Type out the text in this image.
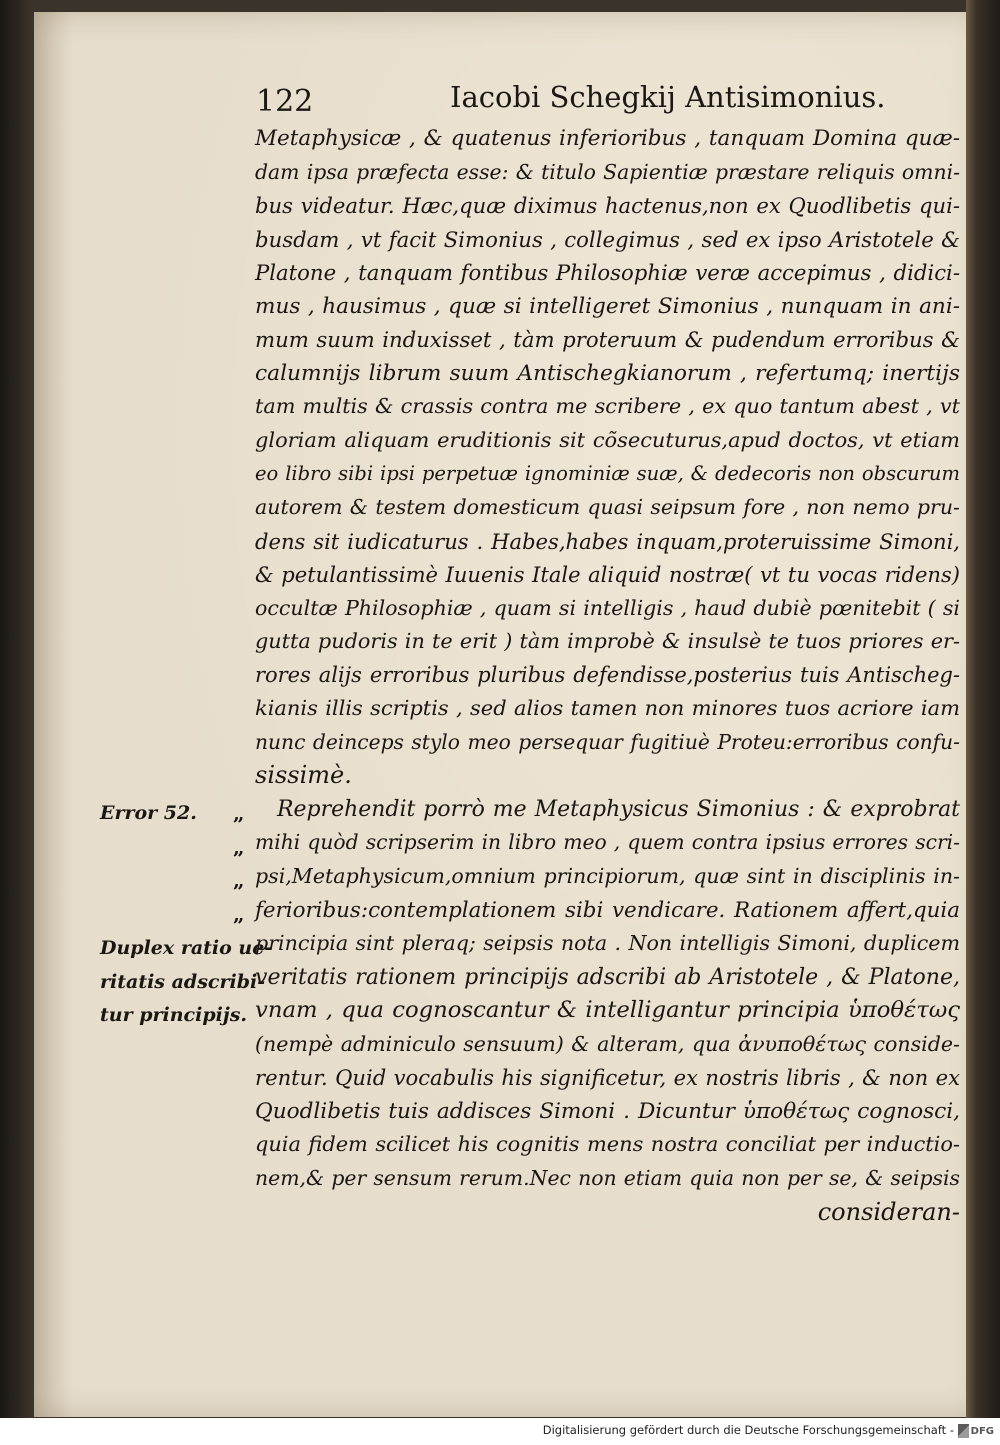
122	Iacobi Schegkij Antisimonius.
Metaphysicæ , & quatenus inferioribus , tanquam Domina quæ-
dam ipsa præfecta esse: & titulo Sapientiæ præstare reliquis omni-
bus videatur. Hæc,quæ diximus hactenus,non ex Quodlibetis qui-
busdam , vt facit Simonius , collegimus , sed ex ipso Aristotele &
Platone , tanquam fontibus Philosophiæ veræ accepimus , didici-
mus , hausimus , quæ si intelligeret Simonius , nunquam in ani-
mum suum induxisset , tàm proteruum & pudendum erroribus &
calumnijs librum suum Antischegkianorum , refertumq; inertijs
tam multis & crassis contra me scribere , ex quo tantum abest , vt
gloriam aliquam eruditionis sit cõsecuturus,apud doctos, vt etiam
eo libro sibi ipsi perpetuæ ignominiæ suæ, & dedecoris non obscurum
autorem & testem domesticum quasi seipsum fore , non nemo pru-
dens sit iudicaturus . Habes,habes inquam,proteruissime Simoni,
& petulantissimè Iuuenis Itale aliquid nostræ( vt tu vocas ridens)
occultæ Philosophiæ , quam si intelligis , haud dubiè pœnitebit ( si
gutta pudoris in te erit ) tàm improbè & insulsè te tuos priores er-
rores alijs erroribus pluribus defendisse,posterius tuis Antischeg-
kianis illis scriptis , sed alios tamen non minores tuos acriore iam
nunc deinceps stylo meo persequar fugitiuè Proteu:erroribus confu-
sissimè.
Reprehendit porrò me Metaphysicus Simonius : & exprobrat
mihi quòd scripserim in libro meo , quem contra ipsius errores scri-
psi,Metaphysicum,omnium principiorum, quæ sint in disciplinis in-
ferioribus:contemplationem sibi vendicare. Rationem affert,quia
principia sint pleraq; seipsis nota . Non intelligis Simoni, duplicem
veritatis rationem principijs adscribi ab Aristotele , & Platone,
vnam , qua cognoscantur & intelligantur principia ὑποθέτως
(nempè adminiculo sensuum) & alteram, qua ἀνυποθέτως conside-
rentur. Quid vocabulis his significetur, ex nostris libris , & non ex
Quodlibetis tuis addisces Simoni . Dicuntur ὑποθέτως cognosci,
quia fidem scilicet his cognitis mens nostra conciliat per inductio-
nem,& per sensum rerum.Nec non etiam quia non per se, & seipsis
consideran-
Error 52.	„
„
„
„
Duplex ratio ue-
ritatis adscribi-
tur principijs.
Digitalisierung gefördert durch die Deutsche Forschungsgemeinschaft - DFG
